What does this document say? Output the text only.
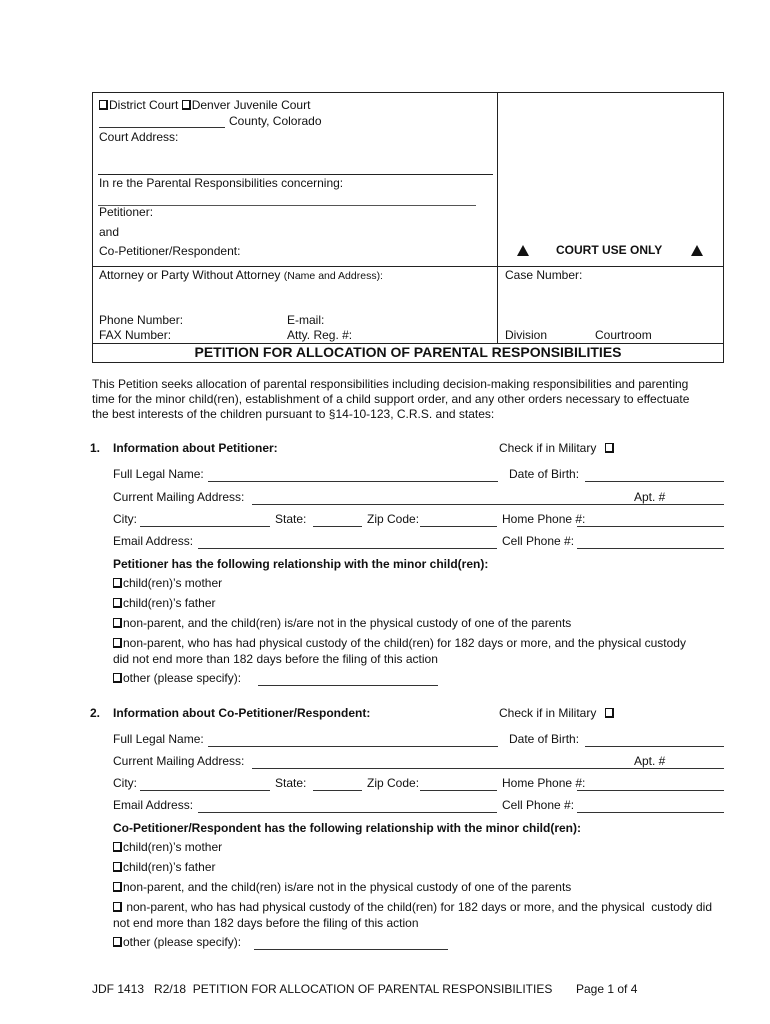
District Court Denver Juvenile Court
County, Colorado
Court Address:
In re the Parental Responsibilities concerning:
Petitioner:
and
Co-Petitioner/Respondent:	COURT USE ONLY
Attorney or Party Without Attorney (Name and Address):	Case Number:
Phone Number:	E-mail:
FAX Number:	Atty. Reg. #:	Division	Courtroom
PETITION FOR ALLOCATION OF PARENTAL RESPONSIBILITIES
This Petition seeks allocation of parental responsibilities including decision-making responsibilities and parenting
time for the minor child(ren), establishment of a child support order, and any other orders necessary to effectuate
the best interests of the children pursuant to §14-10-123, C.R.S. and states:
1. Information about Petitioner:	Check if in Military
Full Legal Name:	Date of Birth:
Current Mailing Address:	Apt. #
City:	State:	Zip Code:	Home Phone #:
Email Address:	Cell Phone #:
Petitioner has the following relationship with the minor child(ren):
child(ren)’s mother
child(ren)’s father
non-parent, and the child(ren) is/are not in the physical custody of one of the parents
non-parent, who has had physical custody of the child(ren) for 182 days or more, and the physical custody
did not end more than 182 days before the filing of this action
other (please specify):
2. Information about Co-Petitioner/Respondent:	Check if in Military
Full Legal Name:	Date of Birth:
Current Mailing Address:	Apt. #
City:	State:	Zip Code:	Home Phone #:
Email Address:	Cell Phone #:
Co-Petitioner/Respondent has the following relationship with the minor child(ren):
child(ren)’s mother
child(ren)’s father
non-parent, and the child(ren) is/are not in the physical custody of one of the parents
non-parent, who has had physical custody of the child(ren) for 182 days or more, and the physical  custody did
not end more than 182 days before the filing of this action
other (please specify):
JDF 1413   R2/18  PETITION FOR ALLOCATION OF PARENTAL RESPONSIBILITIES Page 1 of 4
